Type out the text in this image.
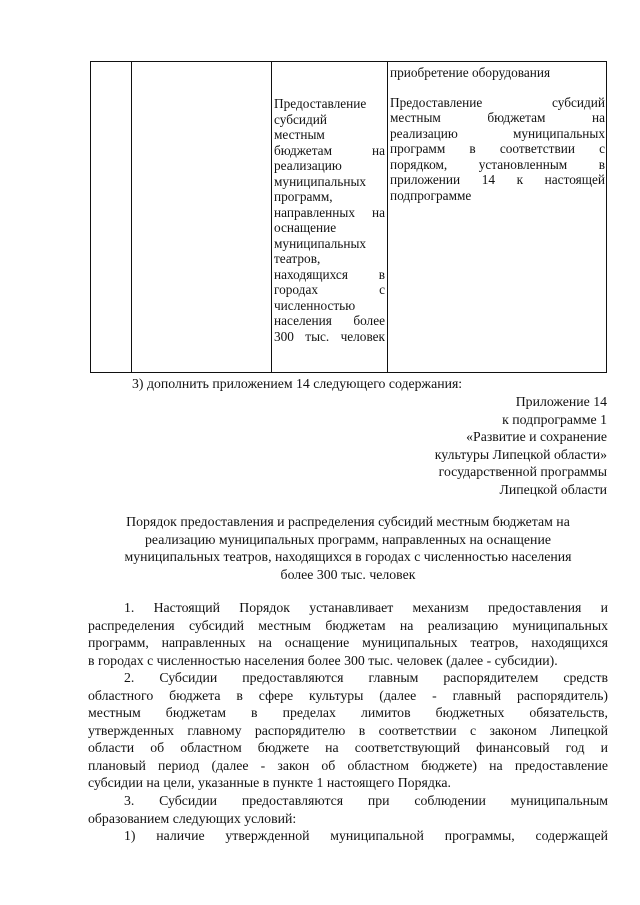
Предоставление
субсидий
местным
бюджетам на
реализацию
муниципальных
программ,
направленных на
оснащение
муниципальных
театров,
находящихся в
городах с
численностью
населения более
300 тыс. человек
приобретение оборудования
Предоставление субсидий
местным бюджетам на
реализацию муниципальных
программ в соответствии с
порядком, установленным в
приложении 14 к настоящей
подпрограмме

3) дополнить приложением 14 следующего содержания:

Приложение 14
к подпрограмме 1
«Развитие и сохранение
культуры Липецкой области»
государственной программы
Липецкой области
Порядок предоставления и распределения субсидий местным бюджетам на
реализацию муниципальных программ, направленных на оснащение
муниципальных театров, находящихся в городах с численностью населения
более 300 тыс. человек
1. Настоящий Порядок устанавливает механизм предоставления и
распределения субсидий местным бюджетам на реализацию муниципальных
программ, направленных на оснащение муниципальных театров, находящихся
в городах с численностью населения более 300 тыс. человек (далее - субсидии).
2. Субсидии предоставляются главным распорядителем средств
областного бюджета в сфере культуры (далее - главный распорядитель)
местным бюджетам в пределах лимитов бюджетных обязательств,
утвержденных главному распорядителю в соответствии с законом Липецкой
области об областном бюджете на соответствующий финансовый год и
плановый период (далее - закон об областном бюджете) на предоставление
субсидии на цели, указанные в пункте 1 настоящего Порядка.
3. Субсидии предоставляются при соблюдении муниципальным
образованием следующих условий:
1) наличие утвержденной муниципальной программы, содержащей
